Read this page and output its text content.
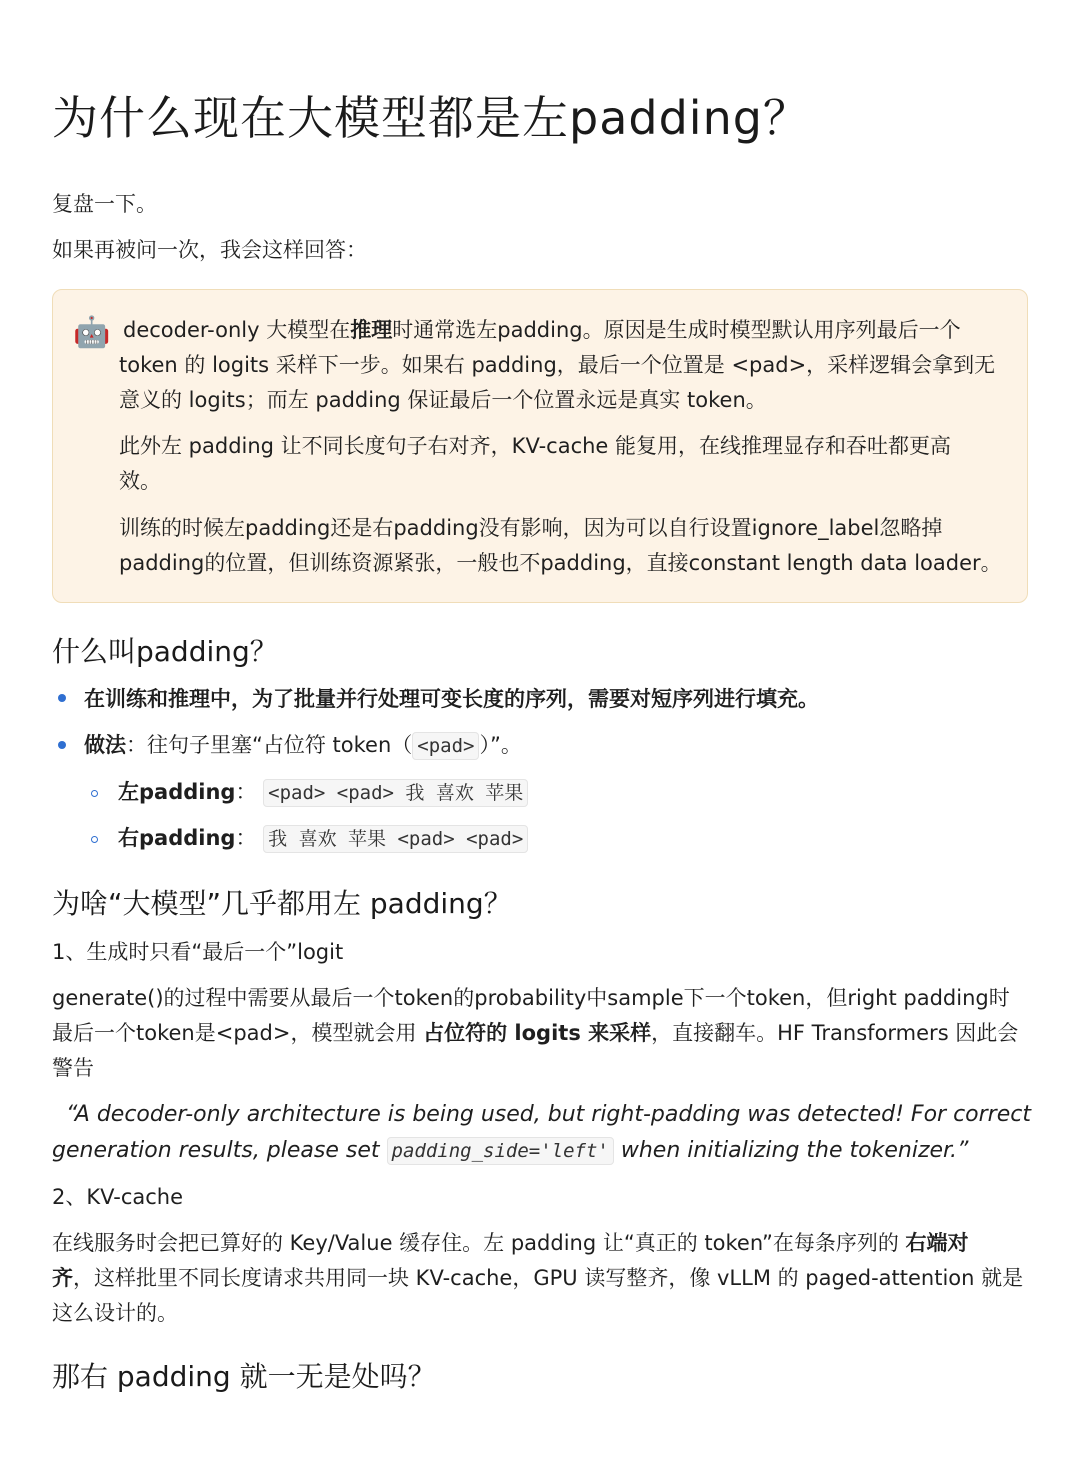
为什么现在大模型都是左padding？

复盘一下。

如果再被问一次，我会这样回答：

🤖 decoder-only 大模型在推理时通常选左padding。原因是生成时模型默认用序列最后一个
token 的 logits 采样下一步。如果右 padding，最后一个位置是 <pad>，采样逻辑会拿到无
意义的 logits；而左 padding 保证最后一个位置永远是真实 token。
此外左 padding 让不同长度句子右对齐，KV-cache 能复用，在线推理显存和吞吐都更高
效。
训练的时候左padding还是右padding没有影响，因为可以自行设置ignore_label忽略掉
padding的位置，但训练资源紧张，一般也不padding，直接constant length data loader。
什么叫padding？

在训练和推理中，为了批量并行处理可变长度的序列，需要对短序列进行填充。

做法：往句子里塞“占位符 token（ <pad> ）”。

左padding： <pad> <pad> 我 喜欢 苹果

右padding： 我 喜欢 苹果 <pad> <pad>

为啥“大模型”几乎都用左 padding？

1、生成时只看“最后一个”logit

generate()的过程中需要从最后一个token的probability中sample下一个token，但right padding时

最后一个token是<pad>，模型就会用 占位符的 logits 来采样，直接翻车。HF Transformers 因此会

警告

“A decoder-only architecture is being used, but right-padding was detected! For correct
generation results, please set padding_side='left' when initializing the tokenizer.”

2、KV-cache

在线服务时会把已算好的 Key/Value 缓存住。左 padding 让“真正的 token”在每条序列的 右端对

齐，这样批里不同长度请求共用同一块 KV-cache，GPU 读写整齐，像 vLLM 的 paged-attention 就是

这么设计的。

那右 padding 就一无是处吗？
